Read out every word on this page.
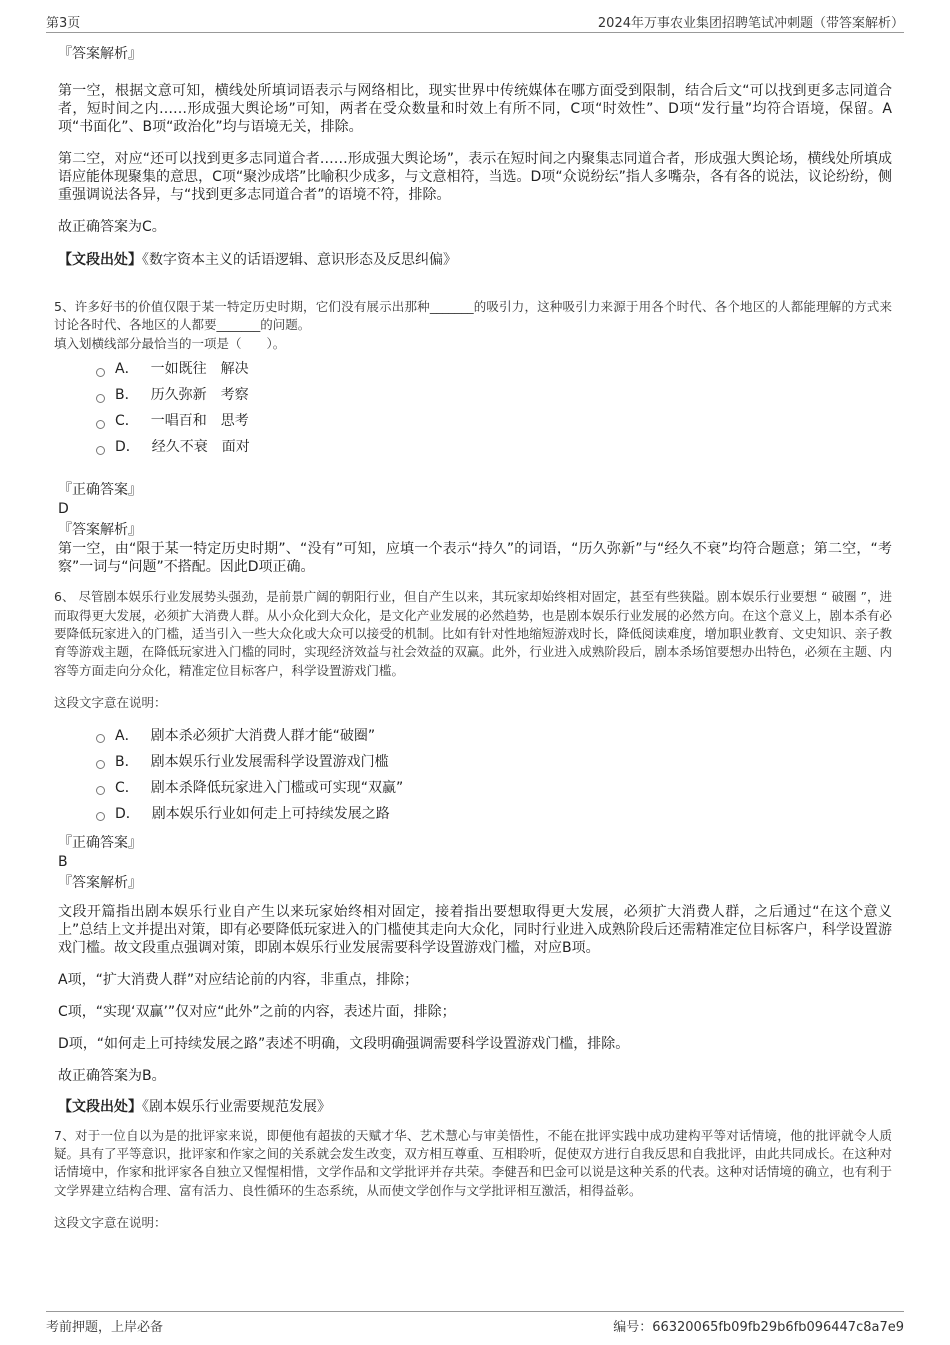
第3页	2024年万事农业集团招聘笔试冲刺题（带答案解析）
『答案解析』
第一空，根据文意可知，横线处所填词语表示与网络相比，现实世界中传统媒体在哪方面受到限制，结合后文“可以找到更多志同道合者，短时间之内……形成强大舆论场”可知，两者在受众数量和时效上有所不同，C项“时效性”、D项“发行量”均符合语境，保留。A项“书面化”、B项“政治化”均与语境无关，排除。
第二空，对应“还可以找到更多志同道合者……形成强大舆论场”，表示在短时间之内聚集志同道合者，形成强大舆论场，横线处所填成语应能体现聚集的意思，C项“聚沙成塔”比喻积少成多，与文意相符，当选。D项“众说纷纭”指人多嘴杂，各有各的说法，议论纷纷，侧重强调说法各异，与“找到更多志同道合者”的语境不符，排除。
故正确答案为C。
【文段出处】《数字资本主义的话语逻辑、意识形态及反思纠偏》
5、许多好书的价值仅限于某一特定历史时期，它们没有展示出那种_______的吸引力，这种吸引力来源于用各个时代、各个地区的人都能理解的方式来讨论各时代、各地区的人都要_______的问题。
填入划横线部分最恰当的一项是（　　）。
A． 一如既往　解决
B． 历久弥新　考察
C． 一唱百和　思考
D． 经久不衰　面对
『正确答案』
D
『答案解析』
第一空，由“限于某一特定历史时期”、“没有”可知，应填一个表示“持久”的词语，“历久弥新”与“经久不衰”均符合题意；第二空，“考察”一词与“问题”不搭配。因此D项正确。
6、 尽管剧本娱乐行业发展势头强劲，是前景广阔的朝阳行业，但自产生以来，其玩家却始终相对固定，甚至有些狭隘。剧本娱乐行业要想 “ 破圈 ”，进而取得更大发展，必须扩大消费人群。从小众化到大众化，是文化产业发展的必然趋势，也是剧本娱乐行业发展的必然方向。在这个意义上，剧本杀有必要降低玩家进入的门槛，适当引入一些大众化或大众可以接受的机制。比如有针对性地缩短游戏时长，降低阅读难度，增加职业教育、文史知识、亲子教育等游戏主题，在降低玩家进入门槛的同时，实现经济效益与社会效益的双赢。此外，行业进入成熟阶段后，剧本杀场馆要想办出特色，必须在主题、内容等方面走向分众化，精准定位目标客户，科学设置游戏门槛。
这段文字意在说明：
A． 剧本杀必须扩大消费人群才能“破圈”
B． 剧本娱乐行业发展需科学设置游戏门槛
C． 剧本杀降低玩家进入门槛或可实现“双赢”
D． 剧本娱乐行业如何走上可持续发展之路
『正确答案』
B
『答案解析』
文段开篇指出剧本娱乐行业自产生以来玩家始终相对固定，接着指出要想取得更大发展，必须扩大消费人群，之后通过“在这个意义上”总结上文并提出对策，即有必要降低玩家进入的门槛使其走向大众化，同时行业进入成熟阶段后还需精准定位目标客户，科学设置游戏门槛。故文段重点强调对策，即剧本娱乐行业发展需要科学设置游戏门槛，对应B项。
A项，“扩大消费人群”对应结论前的内容，非重点，排除；
C项，“实现‘双赢’”仅对应“此外”之前的内容，表述片面，排除；
D项，“如何走上可持续发展之路”表述不明确，文段明确强调需要科学设置游戏门槛，排除。
故正确答案为B。
【文段出处】《剧本娱乐行业需要规范发展》
7、对于一位自以为是的批评家来说，即便他有超拔的天赋才华、艺术慧心与审美悟性，不能在批评实践中成功建构平等对话情境，他的批评就令人质疑。具有了平等意识，批评家和作家之间的关系就会发生改变，双方相互尊重、互相聆听，促使双方进行自我反思和自我批评，由此共同成长。在这种对话情境中，作家和批评家各自独立又惺惺相惜，文学作品和文学批评并存共荣。李健吾和巴金可以说是这种关系的代表。这种对话情境的确立，也有利于文学界建立结构合理、富有活力、良性循环的生态系统，从而使文学创作与文学批评相互激活，相得益彰。
这段文字意在说明：
考前押题，上岸必备	编号：66320065fb09fb29b6fb096447c8a7e9
